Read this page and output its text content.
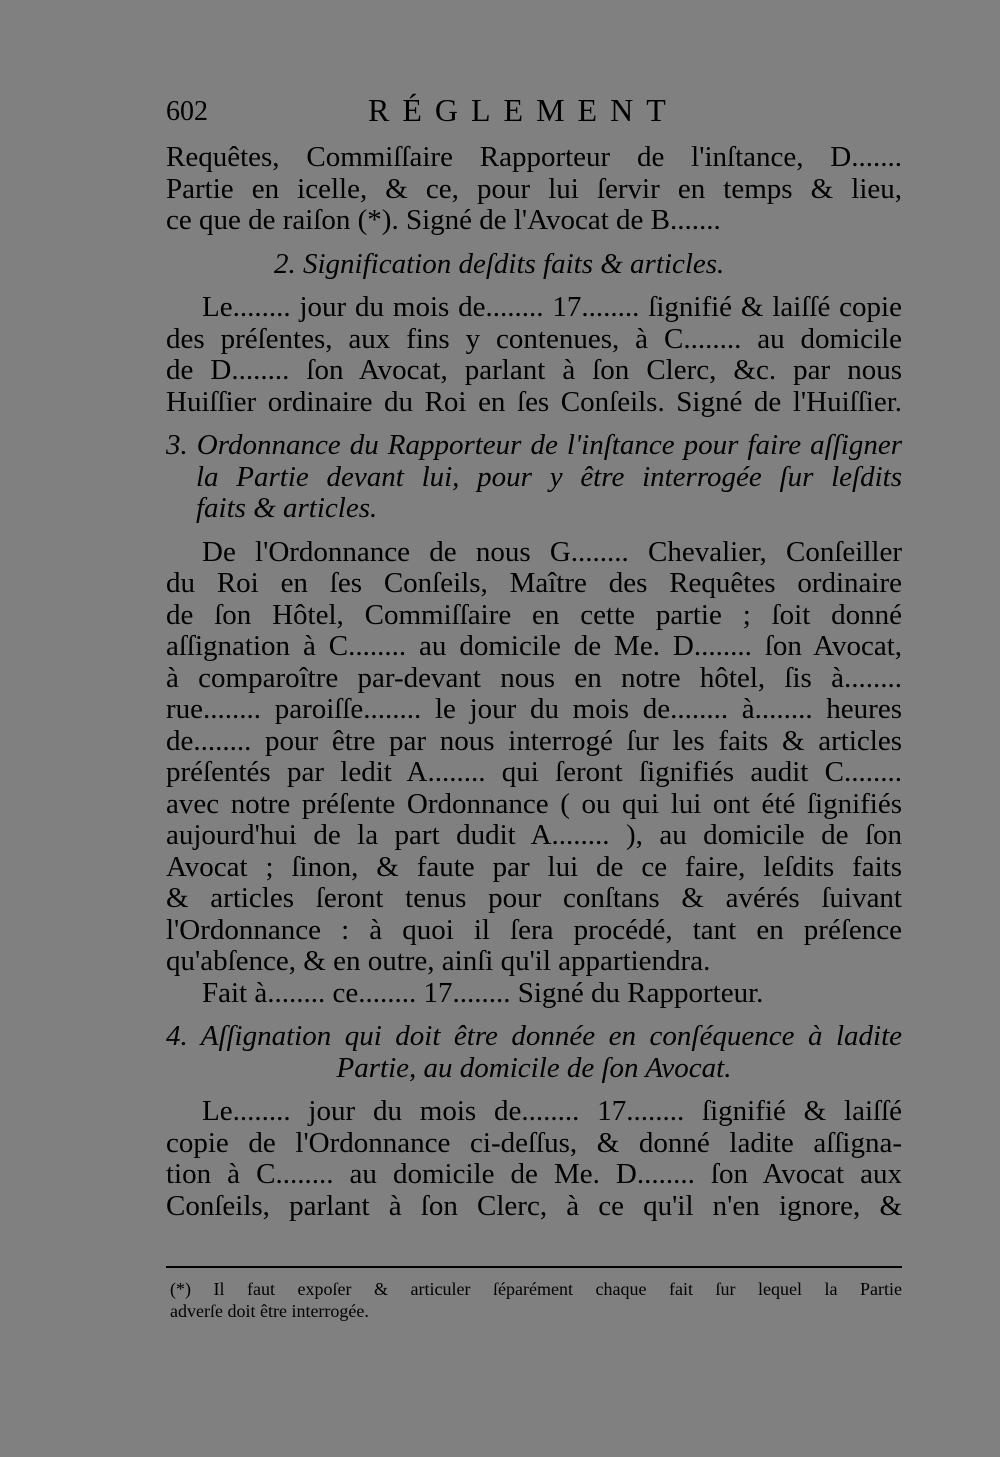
602	RÉGLEMENT
Requêtes, Commiſſaire Rapporteur de l'inſtance, D.......
Partie en icelle, & ce, pour lui ſervir en temps & lieu,
ce que de raiſon (*). Signé de l'Avocat de B.......
2. Signification deſdits faits & articles.
Le........ jour du mois de........ 17........ ſignifié & laiſſé copie
des préſentes, aux fins y contenues, à C........ au domicile
de D........ ſon Avocat, parlant à ſon Clerc, &c. par nous
Huiſſier ordinaire du Roi en ſes Conſeils. Signé de l'Huiſſier.
3. Ordonnance du Rapporteur de l'inſtance pour faire aſſigner
la Partie devant lui, pour y être interrogée ſur leſdits
faits & articles.
De l'Ordonnance de nous G........ Chevalier, Conſeiller
du Roi en ſes Conſeils, Maître des Requêtes ordinaire
de ſon Hôtel, Commiſſaire en cette partie ; ſoit donné
aſſignation à C........ au domicile de Me. D........ ſon Avocat,
à comparoître par-devant nous en notre hôtel, ſis à........
rue........ paroiſſe........ le jour du mois de........ à........ heures
de........ pour être par nous interrogé ſur les faits & articles
préſentés par ledit A........ qui ſeront ſignifiés audit C........
avec notre préſente Ordonnance ( ou qui lui ont été ſignifiés
aujourd'hui de la part dudit A........ ), au domicile de ſon
Avocat ; ſinon, & faute par lui de ce faire, leſdits faits
& articles ſeront tenus pour conſtans & avérés ſuivant
l'Ordonnance : à quoi il ſera procédé, tant en préſence
qu'abſence, & en outre, ainſi qu'il appartiendra.
Fait à........ ce........ 17........ Signé du Rapporteur.
4. Aſſignation qui doit être donnée en conſéquence à ladite
Partie, au domicile de ſon Avocat.
Le........ jour du mois de........ 17........ ſignifié & laiſſé
copie de l'Ordonnance ci-deſſus, & donné ladite aſſigna-
tion à C........ au domicile de Me. D........ ſon Avocat aux
Conſeils, parlant à ſon Clerc, à ce qu'il n'en ignore, &
(*) Il faut expoſer & articuler ſéparément chaque fait ſur lequel la Partie
adverſe doit être interrogée.
